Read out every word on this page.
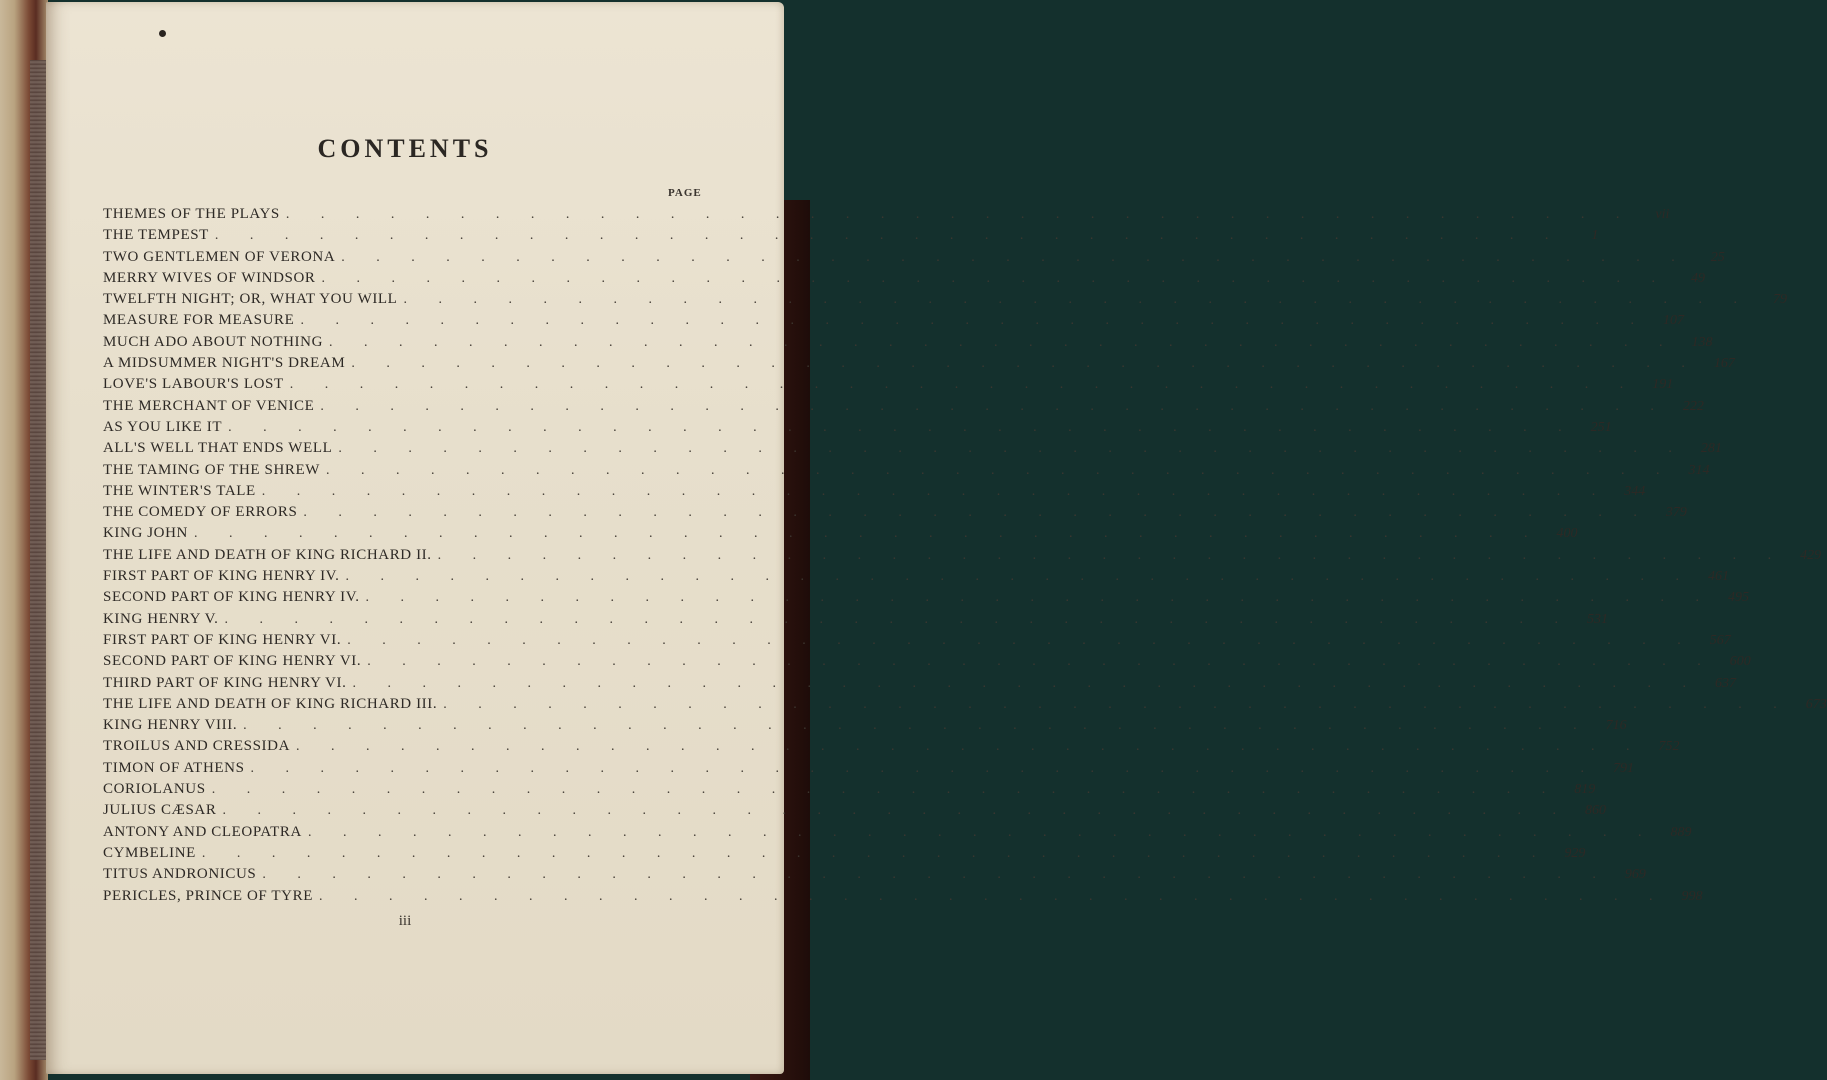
CONTENTS
PAGE
THEMES OF THE PLAYS . . . . . . . . . . . . . . . . . . . . . . . . . . . . . . . . . . . . . . .	vii
THE TEMPEST . . . . . . . . . . . . . . . . . . . . . . . . . . . . . . . . . . . . . . .	1
TWO GENTLEMEN OF VERONA . . . . . . . . . . . . . . . . . . . . . . . . . . . . . . . . . . . . . . .	25
MERRY WIVES OF WINDSOR . . . . . . . . . . . . . . . . . . . . . . . . . . . . . . . . . . . . . . .	49
TWELFTH NIGHT; OR, WHAT YOU WILL . . . . . . . . . . . . . . . . . . . . . . . . . . . . . . . . . . . . . . .	79
MEASURE FOR MEASURE . . . . . . . . . . . . . . . . . . . . . . . . . . . . . . . . . . . . . . .	107
MUCH ADO ABOUT NOTHING . . . . . . . . . . . . . . . . . . . . . . . . . . . . . . . . . . . . . . .	138
A MIDSUMMER NIGHT'S DREAM . . . . . . . . . . . . . . . . . . . . . . . . . . . . . . . . . . . . . . .	167
LOVE'S LABOUR'S LOST . . . . . . . . . . . . . . . . . . . . . . . . . . . . . . . . . . . . . . .	191
THE MERCHANT OF VENICE . . . . . . . . . . . . . . . . . . . . . . . . . . . . . . . . . . . . . . .	222
AS YOU LIKE IT . . . . . . . . . . . . . . . . . . . . . . . . . . . . . . . . . . . . . . .	251
ALL'S WELL THAT ENDS WELL . . . . . . . . . . . . . . . . . . . . . . . . . . . . . . . . . . . . . . .	281
THE TAMING OF THE SHREW . . . . . . . . . . . . . . . . . . . . . . . . . . . . . . . . . . . . . . .	314
THE WINTER'S TALE . . . . . . . . . . . . . . . . . . . . . . . . . . . . . . . . . . . . . . .	344
THE COMEDY OF ERRORS . . . . . . . . . . . . . . . . . . . . . . . . . . . . . . . . . . . . . . .	379
KING JOHN . . . . . . . . . . . . . . . . . . . . . . . . . . . . . . . . . . . . . . .	400
THE LIFE AND DEATH OF KING RICHARD II. . . . . . . . . . . . . . . . . . . . . . . . . . . . . . . . . . . . . . . .	429
FIRST PART OF KING HENRY IV. . . . . . . . . . . . . . . . . . . . . . . . . . . . . . . . . . . . . . . .	461
SECOND PART OF KING HENRY IV. . . . . . . . . . . . . . . . . . . . . . . . . . . . . . . . . . . . . . . .	495
KING HENRY V. . . . . . . . . . . . . . . . . . . . . . . . . . . . . . . . . . . . . . . .	531
FIRST PART OF KING HENRY VI. . . . . . . . . . . . . . . . . . . . . . . . . . . . . . . . . . . . . . . .	567
SECOND PART OF KING HENRY VI. . . . . . . . . . . . . . . . . . . . . . . . . . . . . . . . . . . . . . . .	600
THIRD PART OF KING HENRY VI. . . . . . . . . . . . . . . . . . . . . . . . . . . . . . . . . . . . . . . .	637
THE LIFE AND DEATH OF KING RICHARD III. . . . . . . . . . . . . . . . . . . . . . . . . . . . . . . . . . . . . . . .	673
KING HENRY VIII. . . . . . . . . . . . . . . . . . . . . . . . . . . . . . . . . . . . . . . .	716
TROILUS AND CRESSIDA . . . . . . . . . . . . . . . . . . . . . . . . . . . . . . . . . . . . . . .	752
TIMON OF ATHENS . . . . . . . . . . . . . . . . . . . . . . . . . . . . . . . . . . . . . . .	791
CORIOLANUS . . . . . . . . . . . . . . . . . . . . . . . . . . . . . . . . . . . . . . .	819
JULIUS CÆSAR . . . . . . . . . . . . . . . . . . . . . . . . . . . . . . . . . . . . . . .	860
ANTONY AND CLEOPATRA . . . . . . . . . . . . . . . . . . . . . . . . . . . . . . . . . . . . . . .	889
CYMBELINE . . . . . . . . . . . . . . . . . . . . . . . . . . . . . . . . . . . . . . .	929
TITUS ANDRONICUS . . . . . . . . . . . . . . . . . . . . . . . . . . . . . . . . . . . . . . .	969
PERICLES, PRINCE OF TYRE . . . . . . . . . . . . . . . . . . . . . . . . . . . . . . . . . . . . . . .	998
iii
